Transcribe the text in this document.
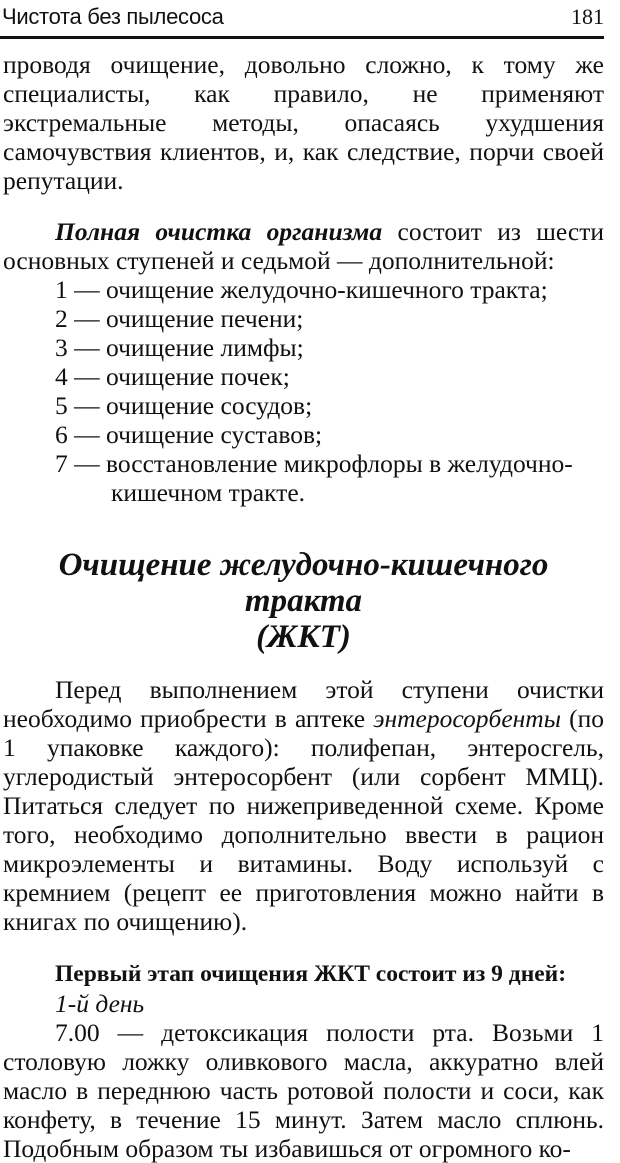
Чистота без пылесоса	181

проводя очищение, довольно сложно, к тому же специалисты, как правило, не применяют экстремальные методы, опасаясь ухудшения самочувствия клиентов, и, как следствие, порчи своей репутации.

Полная очистка организма состоит из шести основных ступеней и седьмой — дополнительной:

1 — очищение желудочно-кишечного тракта;
2 — очищение печени;
3 — очищение лимфы;
4 — очищение почек;
5 — очищение сосудов;
6 — очищение суставов;
7 — восстановление микрофлоры в желудочно-
кишечном тракте.
Очищение желудочно-кишечного тракта
(ЖКТ)

Перед выполнением этой ступени очистки необходимо приобрести в аптеке энтеросорбенты (по 1 упаковке каждого): полифепан, энтеросгель, углеродистый энтеросорбент (или сорбент ММЦ). Питаться следует по нижеприведенной схеме. Кроме того, необходимо дополнительно ввести в рацион микроэлементы и витамины. Воду используй с кремнием (рецепт ее приготовления можно найти в книгах по очищению).

Первый этап очищения ЖКТ состоит из 9 дней:

1-й день

7.00 — детоксикация полости рта. Возьми 1 столовую ложку оливкового масла, аккуратно влей масло в переднюю часть ротовой полости и соси, как конфету, в течение 15 минут. Затем масло сплюнь. Подобным образом ты избавишься от огромного ко-
